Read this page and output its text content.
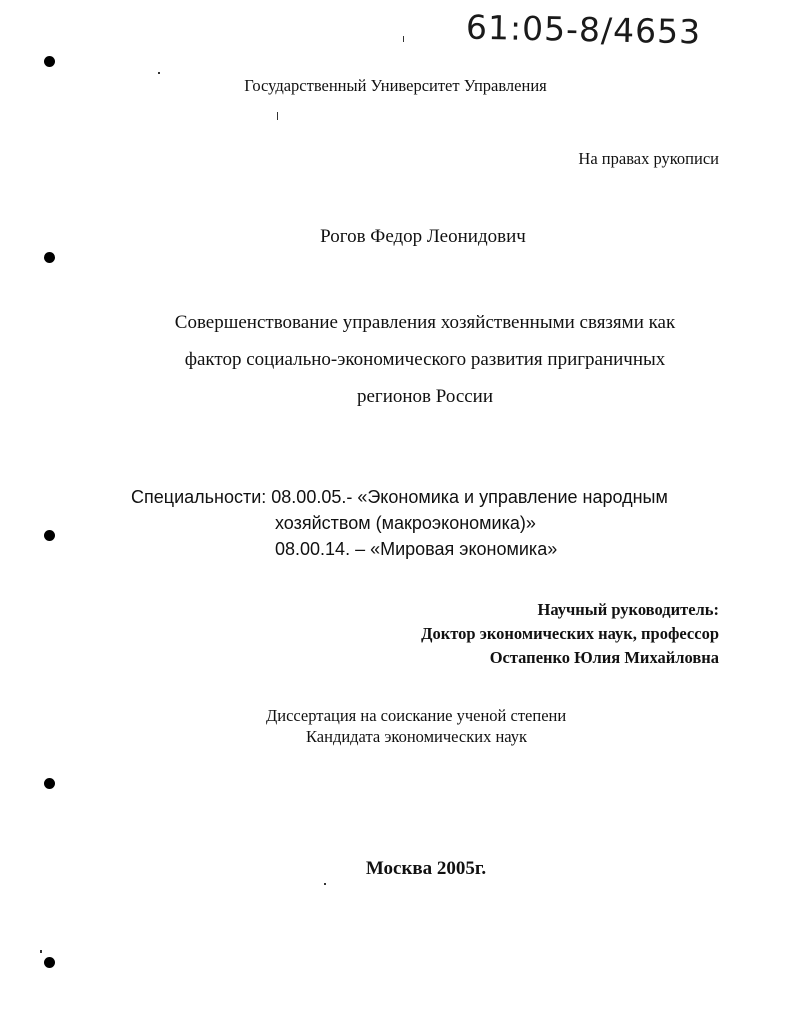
61:05-8/4653
Государственный Университет Управления
На правах рукописи
Рогов Федор Леонидович
Совершенствование управления хозяйственными связями как
фактор социально-экономического развития приграничных
регионов России
Специальности: 08.00.05.- «Экономика и управление народным
хозяйством (макроэкономика)»
08.00.14. – «Мировая экономика»
Научный руководитель:
Доктор экономических наук, профессор
Остапенко Юлия Михайловна
Диссертация на соискание ученой степени
Кандидата экономических наук
Москва 2005г.
